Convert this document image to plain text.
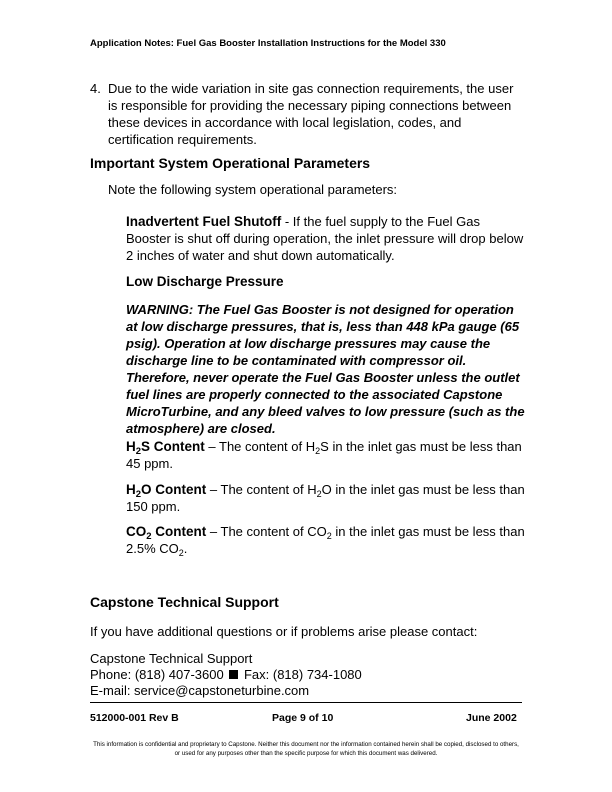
Application Notes: Fuel Gas Booster Installation Instructions for the Model 330
4. Due to the wide variation in site gas connection requirements, the user is responsible for providing the necessary piping connections between these devices in accordance with local legislation, codes, and certification requirements.
Important System Operational Parameters
Note the following system operational parameters:
Inadvertent Fuel Shutoff - If the fuel supply to the Fuel Gas Booster is shut off during operation, the inlet pressure will drop below 2 inches of water and shut down automatically.
Low Discharge Pressure
WARNING: The Fuel Gas Booster is not designed for operation at low discharge pressures, that is, less than 448 kPa gauge (65 psig). Operation at low discharge pressures may cause the discharge line to be contaminated with compressor oil. Therefore, never operate the Fuel Gas Booster unless the outlet fuel lines are properly connected to the associated Capstone MicroTurbine, and any bleed valves to low pressure (such as the atmosphere) are closed.
$H_2S$ Content – The content of $H_2S$ in the inlet gas must be less than 45 ppm.
$H_2O$ Content – The content of $H_2O$ in the inlet gas must be less than 150 ppm.
$CO_2$ Content – The content of $CO_2$ in the inlet gas must be less than 2.5% $CO_2$.
Capstone Technical Support
If you have additional questions or if problems arise please contact:
Capstone Technical Support
Phone: (818) 407-3600 Fax: (818) 734-1080
E-mail: service@capstoneturbine.com
512000-001 Rev B	Page 9 of 10	June 2002
This information is confidential and proprietary to Capstone. Neither this document nor the information contained herein shall be copied, disclosed to others, or used for any purposes other than the specific purpose for which this document was delivered.
